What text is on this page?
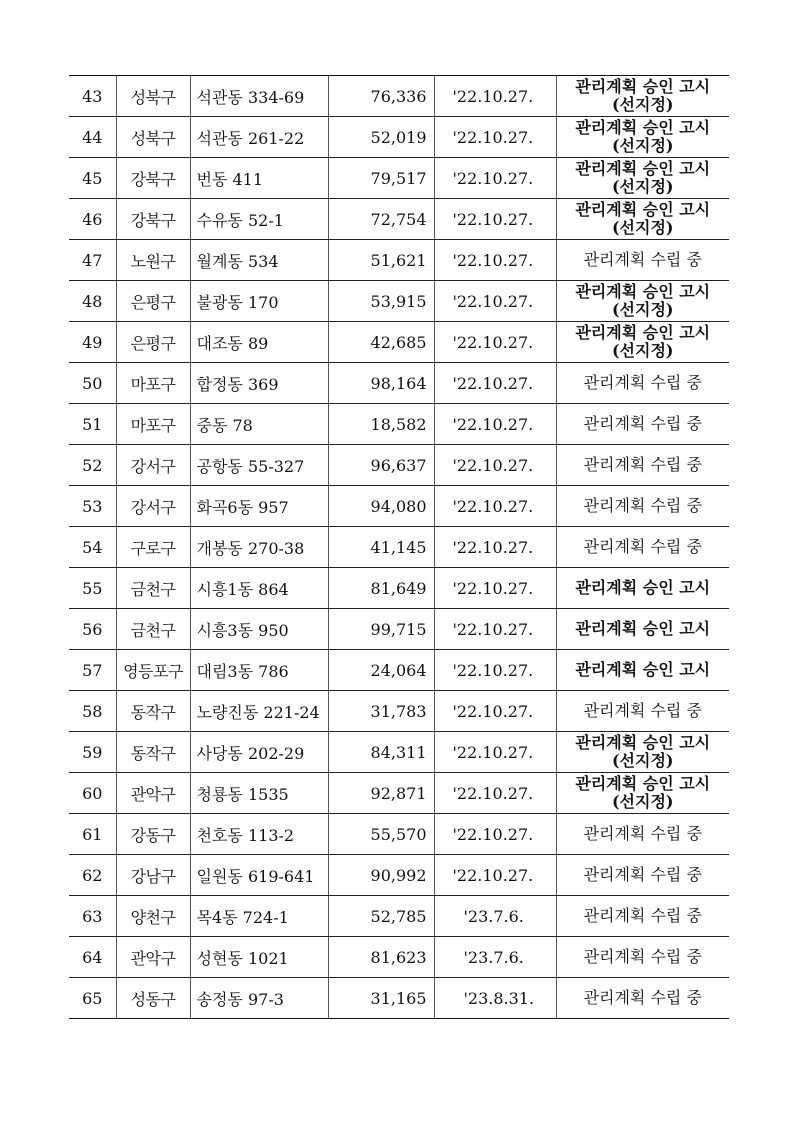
43	성북구	석관동 334-69	76,336	'22.10.27.	관리계획 승인 고시
(선지정)

44	성북구	석관동 261-22	52,019	'22.10.27.	관리계획 승인 고시
(선지정)

45	강북구	번동 411	79,517	'22.10.27.	관리계획 승인 고시
(선지정)

46	강북구	수유동 52-1	72,754	'22.10.27.	관리계획 승인 고시
(선지정)

47	노원구	월계동 534	51,621	'22.10.27.	관리계획 수립 중

48	은평구	불광동 170	53,915	'22.10.27.	관리계획 승인 고시
(선지정)

49	은평구	대조동 89	42,685	'22.10.27.	관리계획 승인 고시
(선지정)

50	마포구	합정동 369	98,164	'22.10.27.	관리계획 수립 중

51	마포구	중동 78	18,582	'22.10.27.	관리계획 수립 중

52	강서구	공항동 55-327	96,637	'22.10.27.	관리계획 수립 중

53	강서구	화곡6동 957	94,080	'22.10.27.	관리계획 수립 중

54	구로구	개봉동 270-38	41,145	'22.10.27.	관리계획 수립 중

55	금천구	시흥1동 864	81,649	'22.10.27.	관리계획 승인 고시

56	금천구	시흥3동 950	99,715	'22.10.27.	관리계획 승인 고시

57	영등포구	대림3동 786	24,064	'22.10.27.	관리계획 승인 고시

58	동작구	노량진동 221-24	31,783	'22.10.27.	관리계획 수립 중

59	동작구	사당동 202-29	84,311	'22.10.27.	관리계획 승인 고시
(선지정)

60	관악구	청룡동 1535	92,871	'22.10.27.	관리계획 승인 고시
(선지정)

61	강동구	천호동 113-2	55,570	'22.10.27.	관리계획 수립 중

62	강남구	일원동 619-641	90,992	'22.10.27.	관리계획 수립 중

63	양천구	목4동 724-1	52,785	'23.7.6.	관리계획 수립 중

64	관악구	성현동 1021	81,623	'23.7.6.	관리계획 수립 중

65	성동구	송정동 97-3	31,165	'23.8.31.	관리계획 수립 중
